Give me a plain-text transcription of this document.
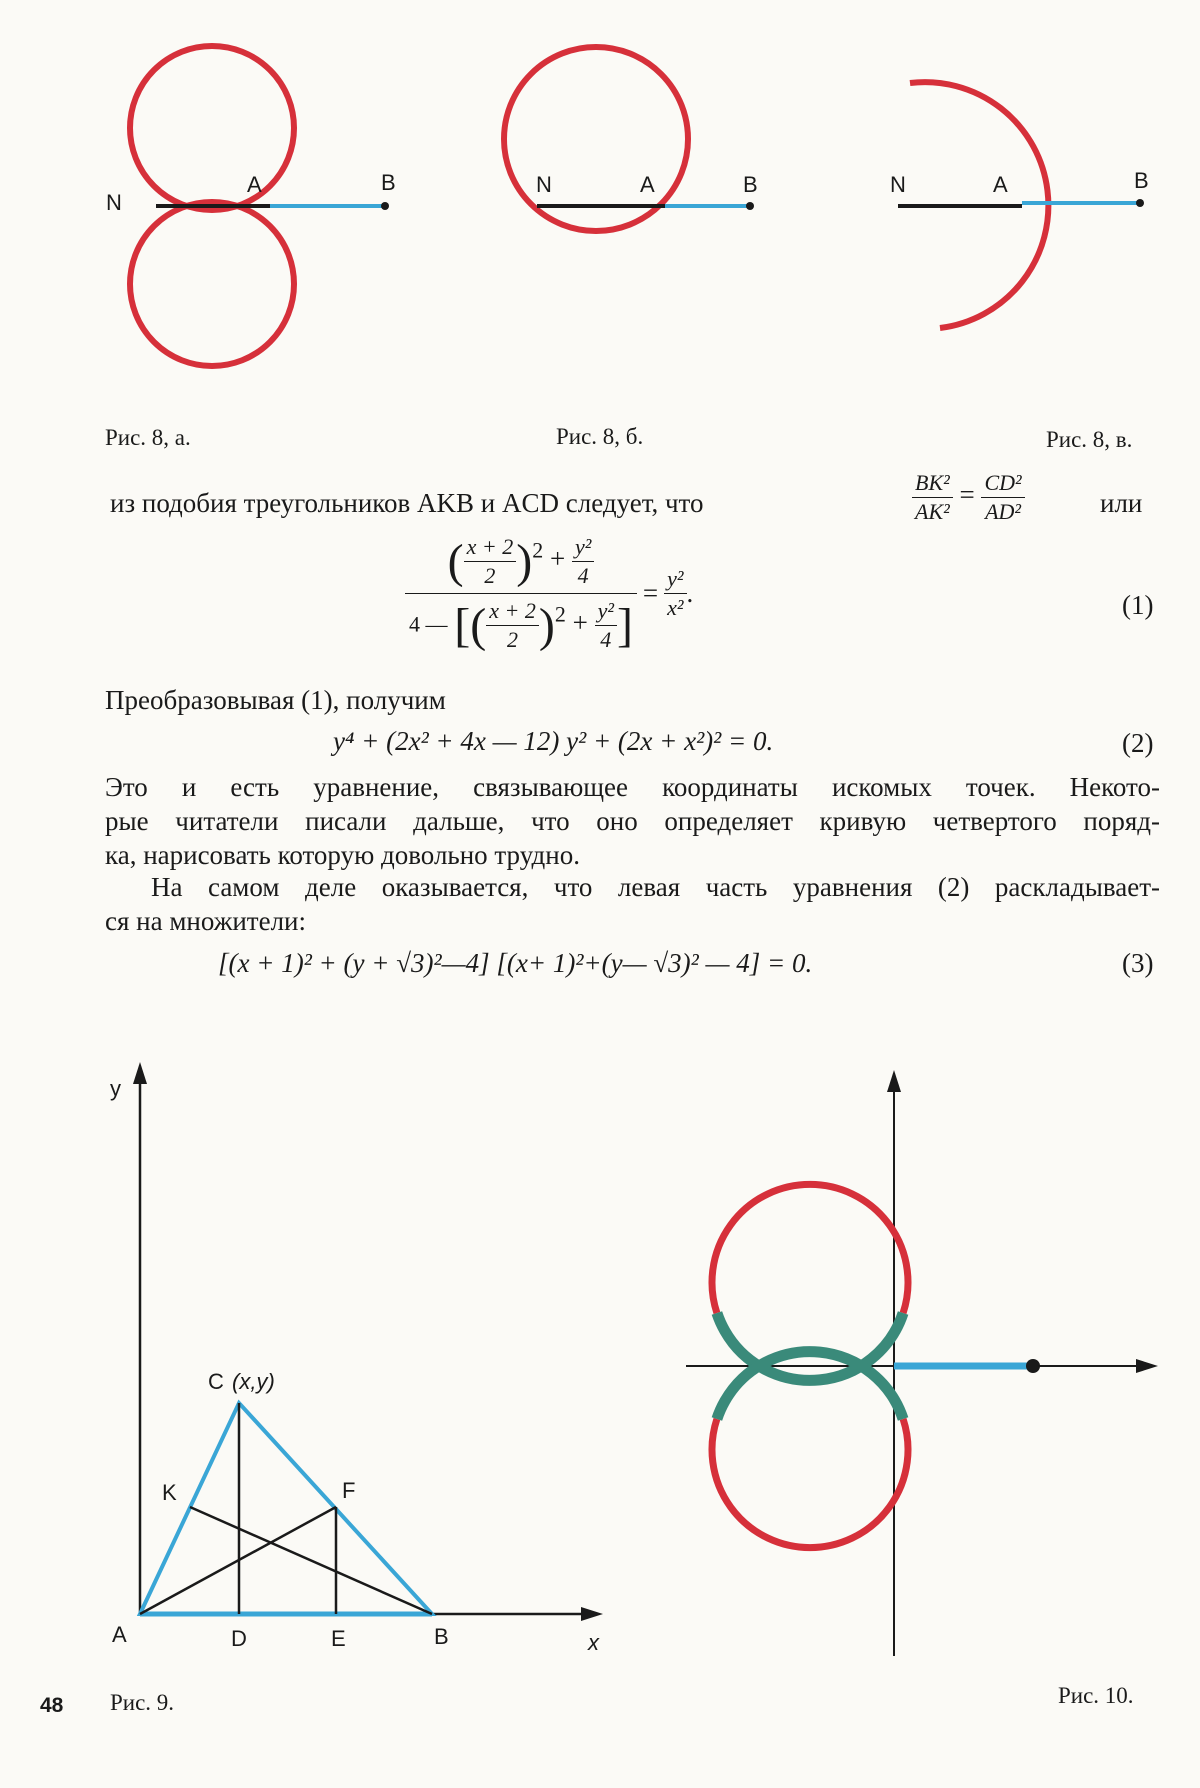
N
A	B	N	A	B	N	A	B
Рис. 8, а.	Рис. 8, б.	Рис. 8, в.
из подобия треугольников AKB и ACD следует, что	$\frac{\text{BK²}}{\text{AK²}} = \frac{\text{CD²}}{\text{AD²}}$	или
$\frac{( \frac{x + 2}{2} )^2 + \frac{\text{y²}}{4}}{4 — [( \frac{x + 2}{2} )^2 + \frac{\text{y²}}{4} ]} = \frac{\text{y²}}{\text{x²}}$ .	(1)
Преобразовывая (1), получим
y⁴ + (2x² + 4x — 12) y² + (2x + x²)² = 0.	(2)
Это и есть уравнение, связывающее координаты искомых точек. Некото-
рые читатели писали дальше, что оно определяет кривую четвертого поряд-
ка, нарисовать которую довольно трудно.
На самом деле оказывается, что левая часть уравнения (2) раскладывает-
ся на множители:
[(x + 1)² + (y + √3)²—4] [(x+ 1)²+(y— √3)² — 4] = 0.	(3)
y
x
A	D	E	B
C (x,y)
K	F
Рис. 9.	Рис. 10.
48
